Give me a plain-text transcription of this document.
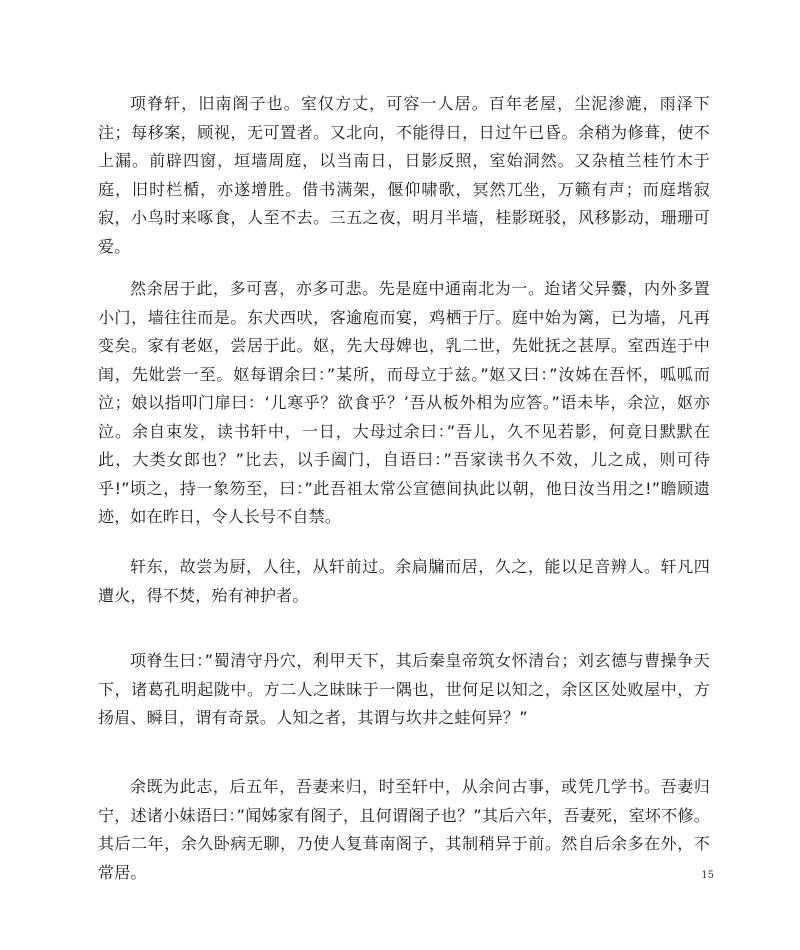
项脊轩，旧南阁子也。室仅方丈，可容一人居。百年老屋，尘泥渗漉，雨泽下注；每移案，顾视，无可置者。又北向，不能得日，日过午已昏。余稍为修葺，使不上漏。前辟四窗，垣墙周庭，以当南日，日影反照，室始洞然。又杂植兰桂竹木于庭，旧时栏楯，亦遂增胜。借书满架，偃仰啸歌，冥然兀坐，万籁有声；而庭堦寂寂，小鸟时来啄食，人至不去。三五之夜，明月半墙，桂影斑驳，风移影动，珊珊可爱。

然余居于此，多可喜，亦多可悲。先是庭中通南北为一。迨诸父异爨，内外多置小门，墙往往而是。东犬西吠，客逾庖而宴，鸡栖于厅。庭中始为篱，已为墙，凡再变矣。家有老妪，尝居于此。妪，先大母婢也，乳二世，先妣抚之甚厚。室西连于中闺，先妣尝一至。妪每谓余曰：”某所，而母立于兹。”妪又曰：”汝姊在吾怀，呱呱而泣；娘以指叩门扉曰：‘儿寒乎？欲食乎？’吾从板外相为应答。”语未毕，余泣，妪亦泣。余自束发，读书轩中，一日，大母过余曰：”吾儿，久不见若影，何竟日默默在此，大类女郎也？”比去，以手阖门，自语曰：”吾家读书久不效，儿之成，则可待乎!”顷之，持一象笏至，曰：”此吾祖太常公宣德间执此以朝，他日汝当用之!”瞻顾遗迹，如在昨日，令人长号不自禁。

轩东，故尝为厨，人往，从轩前过。余扃牖而居，久之，能以足音辨人。轩凡四遭火，得不焚，殆有神护者。

项脊生曰：”蜀清守丹穴，利甲天下，其后秦皇帝筑女怀清台；刘玄德与曹操争天下，诸葛孔明起陇中。方二人之昧昧于一隅也，世何足以知之，余区区处败屋中，方扬眉、瞬目，谓有奇景。人知之者，其谓与坎井之蛙何异？”

余既为此志，后五年，吾妻来归，时至轩中，从余问古事，或凭几学书。吾妻归宁，述诸小妹语曰：”闻姊家有阁子，且何谓阁子也？”其后六年，吾妻死，室坏不修。其后二年，余久卧病无聊，乃使人复葺南阁子，其制稍异于前。然自后余多在外，不常居。	15
